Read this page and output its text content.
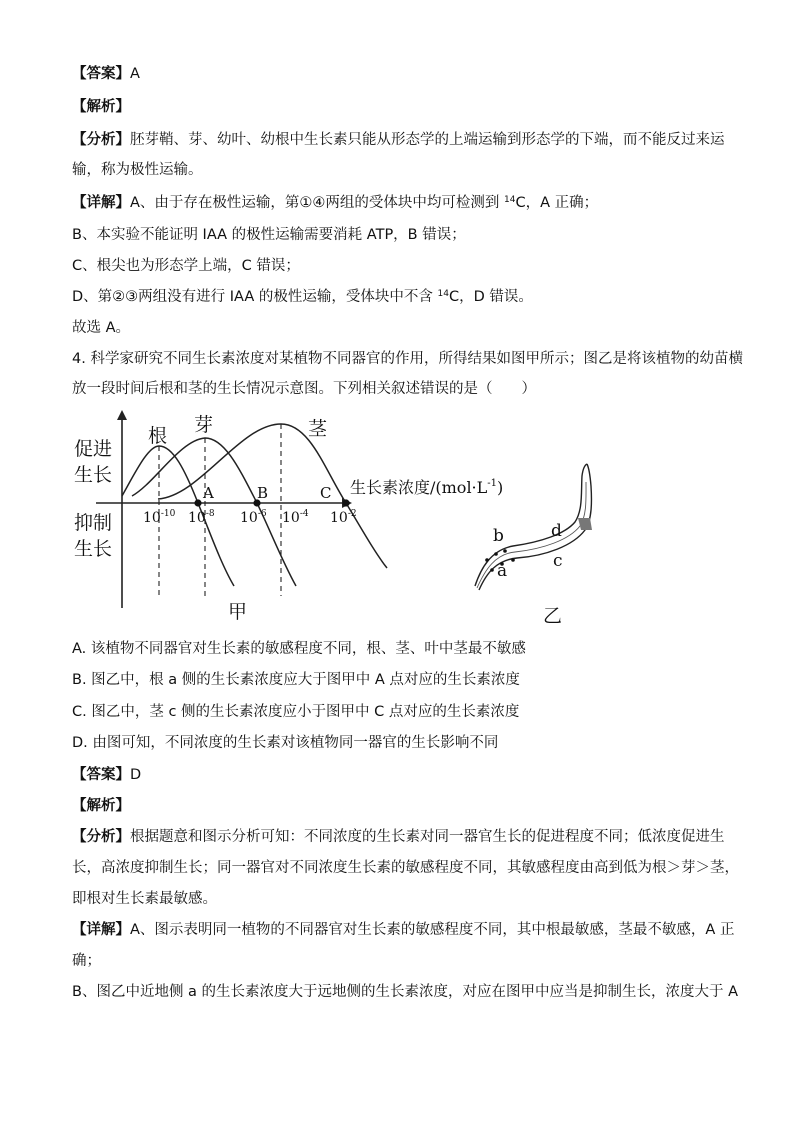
【答案】A
【解析】
【分析】胚芽鞘、芽、幼叶、幼根中生长素只能从形态学的上端运输到形态学的下端，而不能反过来运
输，称为极性运输。
【详解】A、由于存在极性运输，第①④两组的受体块中均可检测到 $^{14}$C，A 正确；
B、本实验不能证明 IAA 的极性运输需要消耗 ATP，B 错误；
C、根尖也为形态学上端，C 错误；
D、第②③两组没有进行 IAA 的极性运输，受体块中不含 $^{14}$C，D 错误。
故选 A。
4. 科学家研究不同生长素浓度对某植物不同器官的作用，所得结果如图甲所示；图乙是将该植物的幼苗横
放一段时间后根和茎的生长情况示意图。下列相关叙述错误的是（　　）
促进
生长
抑制
生长
根 芽	茎
A	B	C 生长素浓度$/(mol\cdot L^{-1})$
$10^{-10}$ $10^{-8}$ $10^{-6}$ $10^{-4}$ $10^{-2}$
甲
b
a
d
c
乙
A. 该植物不同器官对生长素的敏感程度不同，根、茎、叶中茎最不敏感
B. 图乙中，根 a 侧的生长素浓度应大于图甲中 A 点对应的生长素浓度
C. 图乙中，茎 c 侧的生长素浓度应小于图甲中 C 点对应的生长素浓度
D. 由图可知，不同浓度的生长素对该植物同一器官的生长影响不同
【答案】D
【解析】
【分析】根据题意和图示分析可知：不同浓度的生长素对同一器官生长的促进程度不同；低浓度促进生
长，高浓度抑制生长；同一器官对不同浓度生长素的敏感程度不同，其敏感程度由高到低为根＞芽＞茎，
即根对生长素最敏感。
【详解】A、图示表明同一植物的不同器官对生长素的敏感程度不同，其中根最敏感，茎最不敏感，A 正
确；
B、图乙中近地侧 a 的生长素浓度大于远地侧的生长素浓度，对应在图甲中应当是抑制生长，浓度大于 A
